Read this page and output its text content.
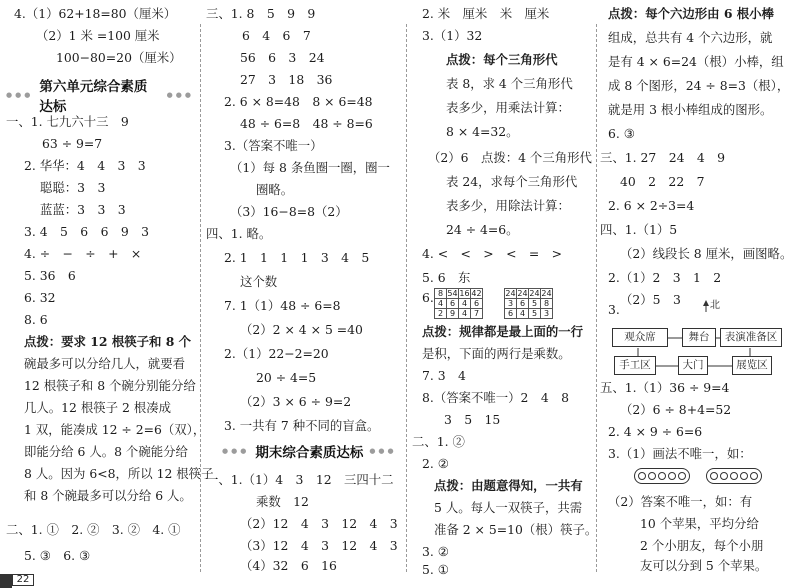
4.（1）62+18=80（厘米）
（2）1 米 =100 厘米
100−80=20（厘米）
●●● 第六单元综合素质达标
●●●
一、1. 七九六十三　9
63 ÷ 9=7
2. 华华：4　4　3　3
聪聪：3　3
蓝蓝：3　3　3
3. 4　5　6　6　9　3
4. ÷　−　÷　+　×
5. 36　6
6. 32
8. 6
点拨：要求 12 根筷子和 8 个
碗最多可以分给几人，就要看
12 根筷子和 8 个碗分别能分给
几人。12 根筷子 2 根凑成
1 双，能凑成 12 ÷ 2=6（双），
即能分给 6 人。8 个碗能分给
8 人。因为 6<8，所以 12 根筷子
和 8 个碗最多可以分给 6 人。
二、1. ①　2. ②　3. ②　4. ①
5. ③　6. ③
三、1. 8　5　9　9
6　4　6　7
56　6　3　24
27　3　18　36
2. 6 × 8=48　8 × 6=48
48 ÷ 6=8　48 ÷ 8=6
3.（答案不唯一）
（1）每 8 条鱼圈一圈，圈一
圈略。
（3）16−8=8（2）
四、1. 略。
2. 1　1　1　1　3　4　5
这个数
7. 1（1）48 ÷ 6=8
（2）2 × 4 × 5 =40
2.（1）22−2=20
20 ÷ 4=5
（2）3 × 6 ÷ 9=2
3. 一共有 7 种不同的盲盒。
●●● 期末综合素质达标 ●●●
一、1.（1）4　3　12　三四十二
乘数　12
（2）12　4　3　12　4　3
（3）12　4　3　12　4　3
（4）32　6　16
2. 米　厘米　米　厘米
3.（1）32
点拨：每个三角形代
表 8，求 4 个三角形代
表多少，用乘法计算：
8 × 4=32。
（2）6　点拨：4 个三角形代
表 24，求每个三角形代
表多少，用除法计算：
24 ÷ 4=6。
4. <　<　>　<　=　>
5. 6　东
6. 8	54	16	42
4	6	4	6
2	9	4	7
24	24	24	24
3	6	5	8
6	4	5	3
点拨：规律都是最上面的一行
是积，下面的两行是乘数。
7. 3　4
8.（答案不唯一）2　4　8
3　5　15
二、1. ②
2. ②
点拨：由题意得知，一共有
5 人。每人一双筷子，共需
准备 2 × 5=10（根）筷子。
3. ②
5. ①
点拨：每个六边形由 6 根小棒
组成，总共有 4 个六边形，就
是有 4 × 6=24（根）小棒，组
成 8 个图形，24 ÷ 8=3（根），
就是用 3 根小棒组成的图形。
6. ③
三、1. 27　24　4　9
40　2　22　7
2. 6 × 2÷3=4
四、1.（1）5
（2）线段长 8 厘米，画图略。
2.（1）2　3　1　2
（2）5　3
3.	北
观众席	舞台	表演准备区
手工区	大门	展览区
五、1.（1）36 ÷ 9=4
（2）6 ÷ 8+4=52
2. 4 × 9 ÷ 6=6
3.（1）画法不唯一，如：
（2）答案不唯一，如：有
10 个苹果，平均分给
2 个小朋友，每个小朋
友可以分到 5 个苹果。
22
